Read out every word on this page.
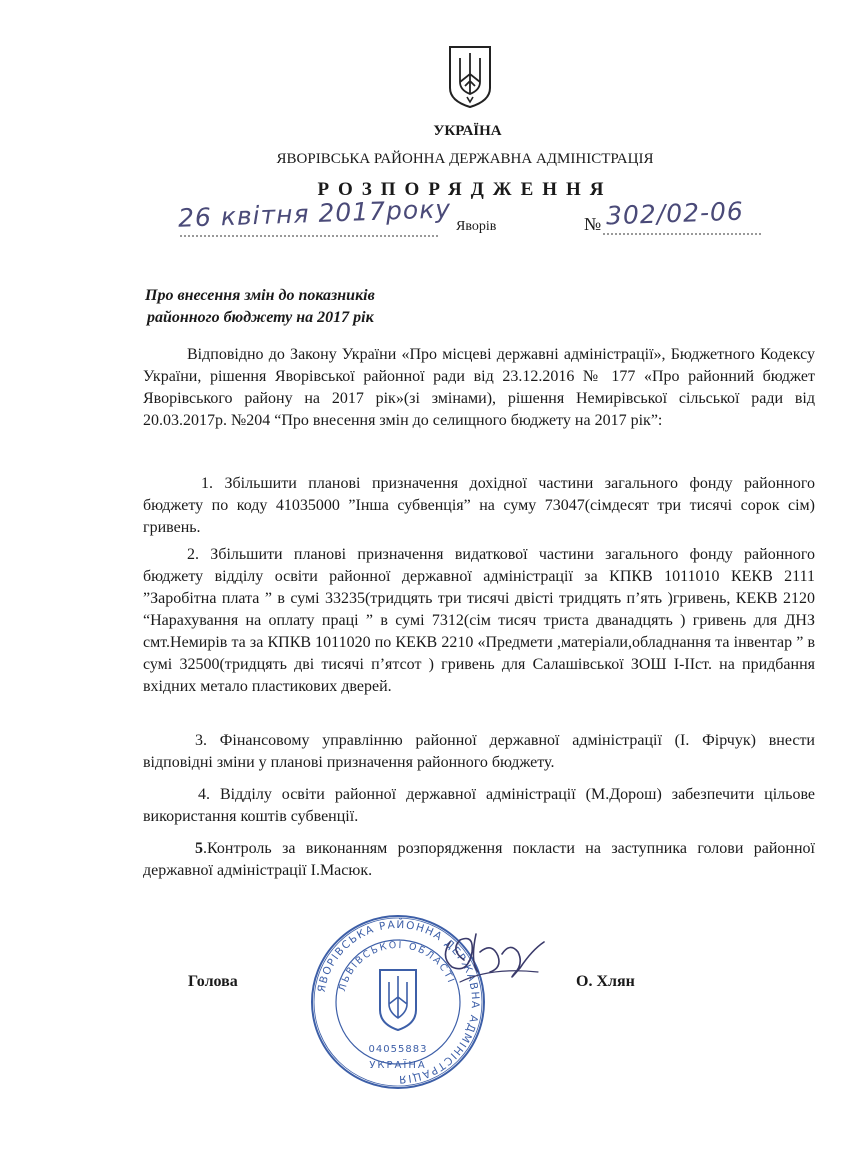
УКРАЇНА
ЯВОРІВСЬКА РАЙОННА ДЕРЖАВНА АДМІНІСТРАЦІЯ
РОЗПОРЯДЖЕННЯ
26 квітня 2017року Яворів	№ 302/02-06
Про внесення змін до показників
районного бюджету на 2017 рік
Відповідно до Закону України «Про місцеві державні адміністрації», Бюджетного Кодексу України, рішення Яворівської районної ради від 23.12.2016 № 177 «Про районний бюджет Яворівського району на 2017 рік»(зі змінами), рішення Немирівської сільської ради від 20.03.2017р. №204 “Про внесення змін до селищного бюджету на 2017 рік”:
1. Збільшити планові призначення дохідної частини загального фонду районного бюджету по коду 41035000 ”Інша субвенція” на суму 73047(сімдесят три тисячі сорок сім) гривень.
2. Збільшити планові призначення видаткової частини загального фонду районного бюджету відділу освіти районної державної адміністрації за КПКВ 1011010 КЕКВ 2111 ”Заробітна плата ” в сумі 33235(тридцять три тисячі двісті тридцять п’ять )гривень, КЕКВ 2120 “Нарахування на оплату праці ” в сумі 7312(сім тисяч триста дванадцять ) гривень для ДНЗ смт.Немирів та за КПКВ 1011020 по КЕКВ 2210 «Предмети ,матеріали,обладнання та інвентар ” в сумі 32500(тридцять дві тисячі п’ятсот ) гривень для Салашівської ЗОШ І-ІІст. на придбання вхідних метало пластикових дверей.
3. Фінансовому управлінню районної державної адміністрації (І. Фірчук) внести відповідні зміни у планові призначення районного бюджету.
4. Відділу освіти районної державної адміністрації (М.Дорош) забезпечити цільове використання коштів субвенції.
5.Контроль за виконанням розпорядження покласти на заступника голови районної державної адміністрації І.Масюк.
Голова	О. Хлян
ЯВОРІВСЬКА РАЙОННА ДЕРЖАВНА АДМІНІСТРАЦІЯ
ЛЬВІВСЬКОЇ ОБЛАСТІ
04055883
УКРАЇНА
